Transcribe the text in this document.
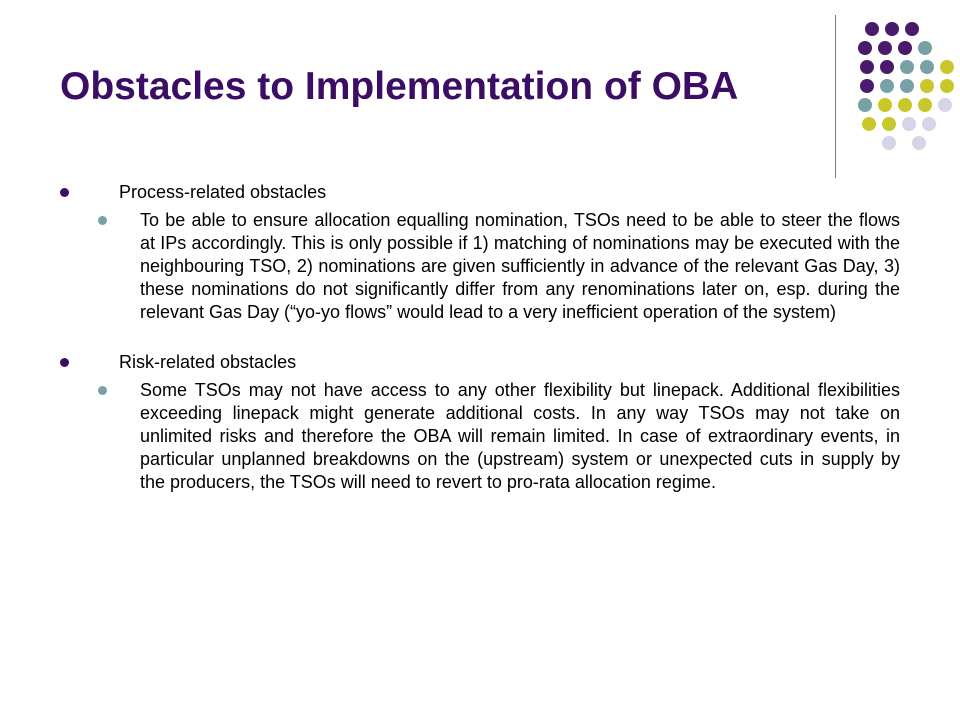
Obstacles to Implementation of OBA
Process-related obstacles
To be able to ensure allocation equalling nomination, TSOs need to be able to steer the flows at IPs accordingly. This is only possible if 1) matching of nominations may be executed with the neighbouring TSO, 2) nominations are given sufficiently in advance of the relevant Gas Day, 3) these nominations do not significantly differ from any renominations later on, esp. during the relevant Gas Day (“yo-yo flows” would lead to a very inefficient operation of the system)
Risk-related obstacles
Some TSOs may not have access to any other flexibility but linepack. Additional flexibilities exceeding linepack might generate additional costs. In any way TSOs may not take on unlimited risks and therefore the OBA will remain limited. In case of extraordinary events, in particular unplanned breakdowns on the (upstream) system or unexpected cuts in supply by the producers, the TSOs will need to revert to pro-rata allocation regime.
